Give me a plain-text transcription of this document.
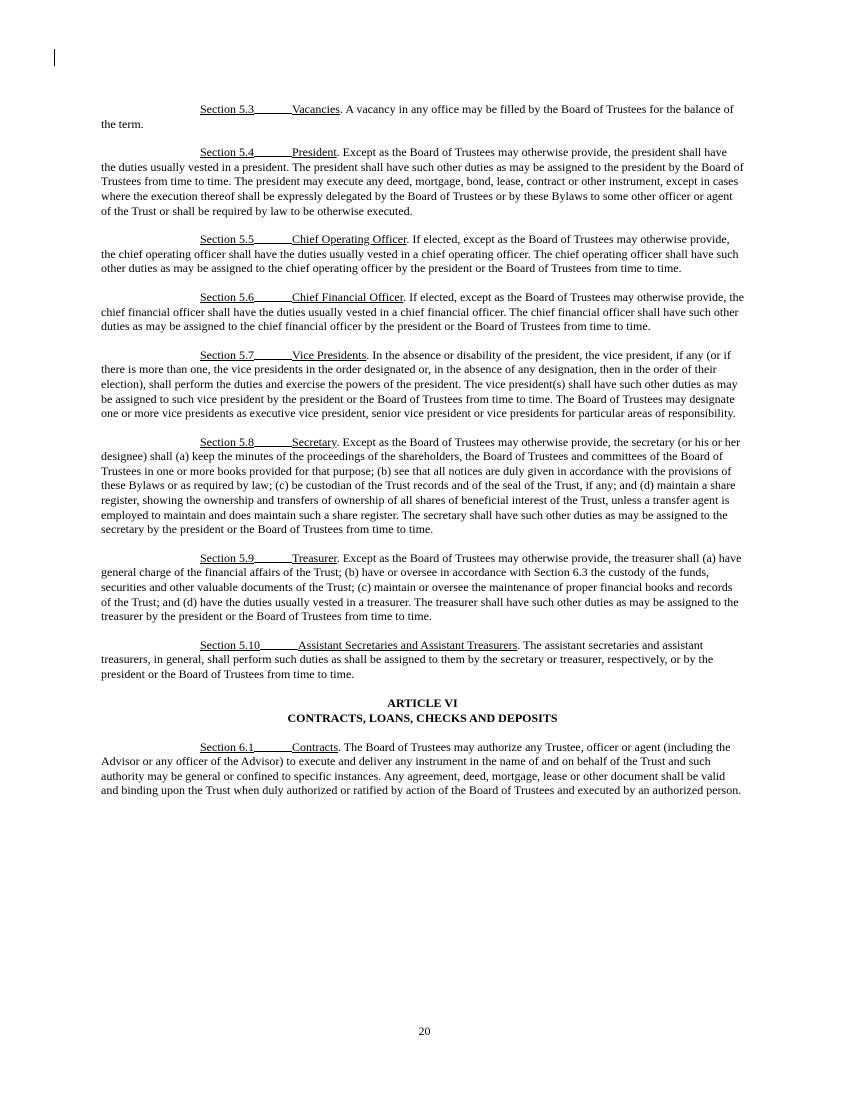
Section 5.3	Vacancies. A vacancy in any office may be filled by the Board of Trustees for the balance of the term.

Section 5.4	President. Except as the Board of Trustees may otherwise provide, the president shall have the duties usually vested in a president. The president shall have such other duties as may be assigned to the president by the Board of Trustees from time to time. The president may execute any deed, mortgage, bond, lease, contract or other instrument, except in cases where the execution thereof shall be expressly delegated by the Board of Trustees or by these Bylaws to some other officer or agent of the Trust or shall be required by law to be otherwise executed.

Section 5.5	Chief Operating Officer. If elected, except as the Board of Trustees may otherwise provide, the chief operating officer shall have the duties usually vested in a chief operating officer. The chief operating officer shall have such other duties as may be assigned to the chief operating officer by the president or the Board of Trustees from time to time.

Section 5.6	Chief Financial Officer. If elected, except as the Board of Trustees may otherwise provide, the chief financial officer shall have the duties usually vested in a chief financial officer. The chief financial officer shall have such other duties as may be assigned to the chief financial officer by the president or the Board of Trustees from time to time.

Section 5.7	Vice Presidents. In the absence or disability of the president, the vice president, if any (or if there is more than one, the vice presidents in the order designated or, in the absence of any designation, then in the order of their election), shall perform the duties and exercise the powers of the president. The vice president(s) shall have such other duties as may be assigned to such vice president by the president or the Board of Trustees from time to time. The Board of Trustees may designate one or more vice presidents as executive vice president, senior vice president or vice presidents for particular areas of responsibility.

Section 5.8	Secretary. Except as the Board of Trustees may otherwise provide, the secretary (or his or her designee) shall (a) keep the minutes of the proceedings of the shareholders, the Board of Trustees and committees of the Board of Trustees in one or more books provided for that purpose; (b) see that all notices are duly given in accordance with the provisions of these Bylaws or as required by law; (c) be custodian of the Trust records and of the seal of the Trust, if any; and (d) maintain a share register, showing the ownership and transfers of ownership of all shares of beneficial interest of the Trust, unless a transfer agent is employed to maintain and does maintain such a share register. The secretary shall have such other duties as may be assigned to the secretary by the president or the Board of Trustees from time to time.

Section 5.9	Treasurer. Except as the Board of Trustees may otherwise provide, the treasurer shall (a) have general charge of the financial affairs of the Trust; (b) have or oversee in accordance with Section 6.3 the custody of the funds, securities and other valuable documents of the Trust; (c) maintain or oversee the maintenance of proper financial books and records of the Trust; and (d) have the duties usually vested in a treasurer. The treasurer shall have such other duties as may be assigned to the treasurer by the president or the Board of Trustees from time to time.

Section 5.10	Assistant Secretaries and Assistant Treasurers. The assistant secretaries and assistant treasurers, in general, shall perform such duties as shall be assigned to them by the secretary or treasurer, respectively, or by the president or the Board of Trustees from time to time.

ARTICLE VI
CONTRACTS, LOANS, CHECKS AND DEPOSITS

Section 6.1	Contracts. The Board of Trustees may authorize any Trustee, officer or agent (including the Advisor or any officer of the Advisor) to execute and deliver any instrument in the name of and on behalf of the Trust and such authority may be general or confined to specific instances. Any agreement, deed, mortgage, lease or other document shall be valid and binding upon the Trust when duly authorized or ratified by action of the Board of Trustees and executed by an authorized person.

20
